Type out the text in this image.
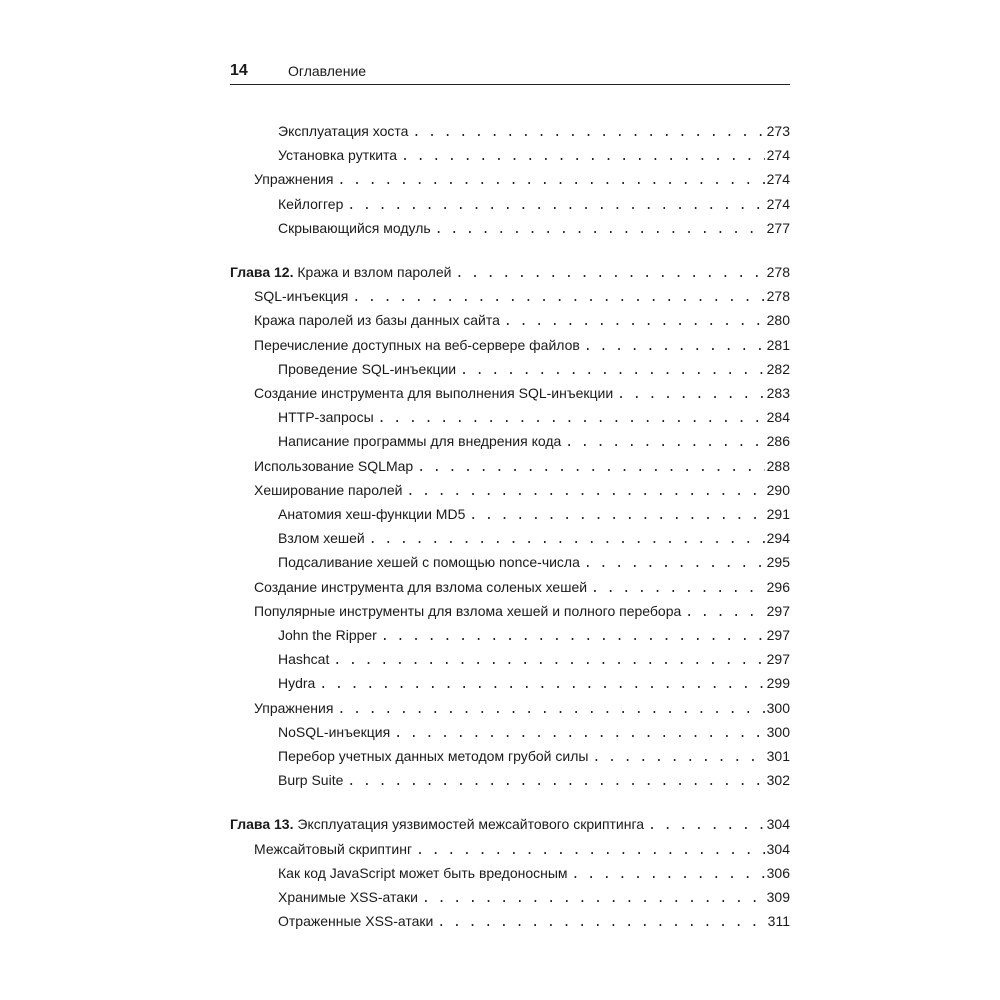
14	Оглавление
Эксплуатация хоста . . .	273
Установка руткита . . .	274
Упражнения . . .	274
Кейлоггер . . .	274
Скрывающийся модуль . . .	277
Глава 12. Кража и взлом паролей . . .	278
SQL-инъекция . . .	278
Кража паролей из базы данных сайта . . .	280
Перечисление доступных на веб-сервере файлов . . .	281
Проведение SQL-инъекции . . .	282
Создание инструмента для выполнения SQL-инъекции . . .	283
HTTP-запросы . . .	284
Написание программы для внедрения кода . . .	286
Использование SQLMap . . .	288
Хеширование паролей . . .	290
Анатомия хеш-функции MD5 . . .	291
Взлом хешей . . .	294
Подсаливание хешей с помощью nonce-числа . . .	295
Создание инструмента для взлома соленых хешей . . .	296
Популярные инструменты для взлома хешей и полного перебора . . .	297
John the Ripper . . .	297
Hashcat . . .	297
Hydra . . .	299
Упражнения . . .	300
NoSQL-инъекция . . .	300
Перебор учетных данных методом грубой силы . . .	301
Burp Suite . . .	302
Глава 13. Эксплуатация уязвимостей межсайтового скриптинга . . .	304
Межсайтовый скриптинг . . .	304
Как код JavaScript может быть вредоносным . . .	306
Хранимые XSS-атаки . . .	309
Отраженные XSS-атаки . . .	311
